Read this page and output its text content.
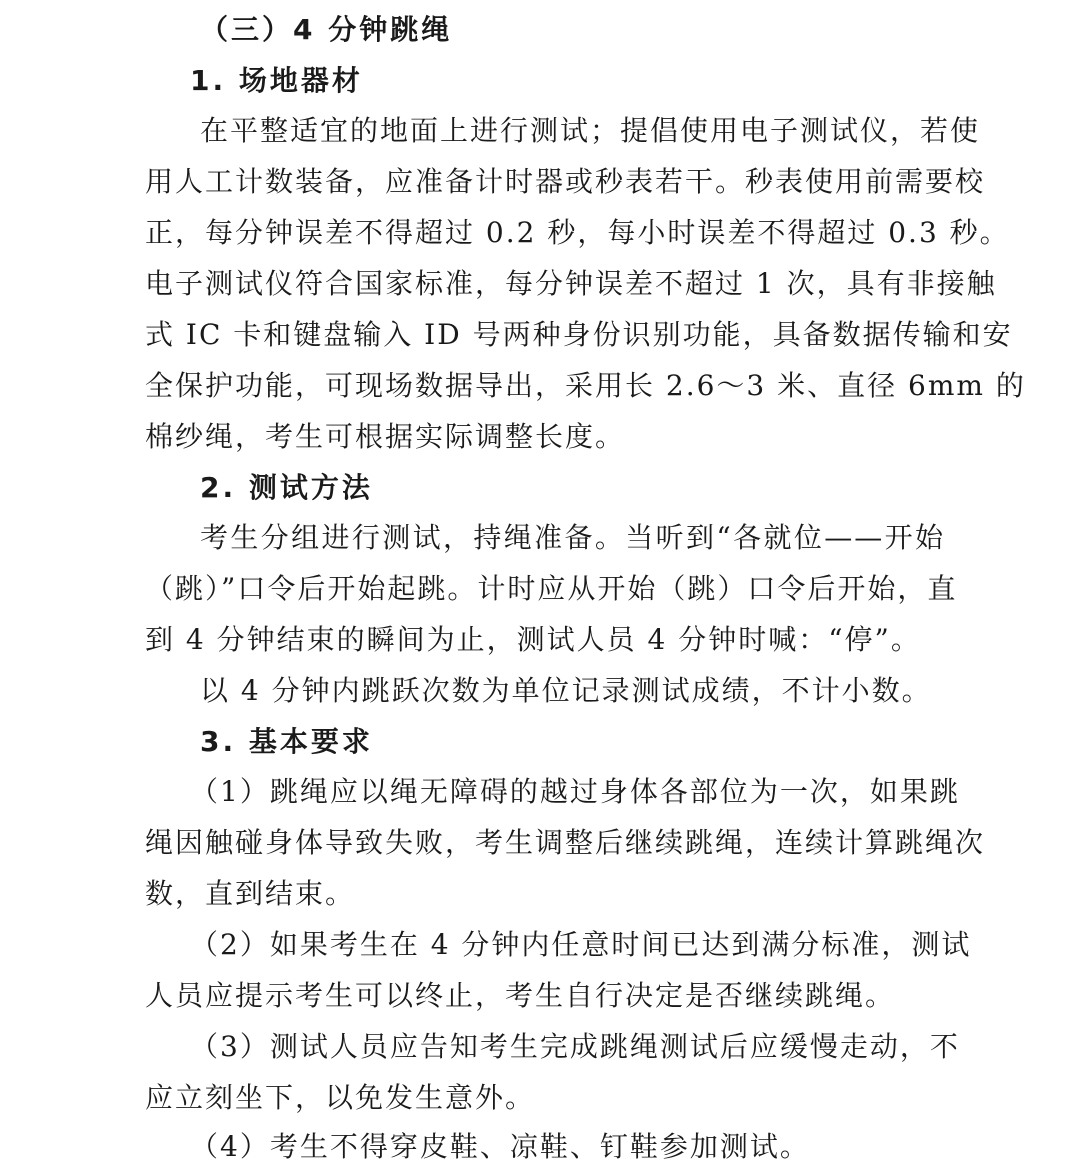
（三）4 分钟跳绳
1. 场地器材
在平整适宜的地面上进行测试；提倡使用电子测试仪，若使
用人工计数装备，应准备计时器或秒表若干。秒表使用前需要校
正，每分钟误差不得超过 0.2 秒，每小时误差不得超过 0.3 秒。
电子测试仪符合国家标准，每分钟误差不超过 1 次，具有非接触
式 IC 卡和键盘输入 ID 号两种身份识别功能，具备数据传输和安
全保护功能，可现场数据导出，采用长 2.6～3 米、直径 6mm 的
棉纱绳，考生可根据实际调整长度。
2. 测试方法
考生分组进行测试，持绳准备。当听到“各就位——开始
（跳）”口令后开始起跳。计时应从开始（跳）口令后开始，直
到 4 分钟结束的瞬间为止，测试人员 4 分钟时喊：“停”。
以 4 分钟内跳跃次数为单位记录测试成绩，不计小数。
3. 基本要求
（1）跳绳应以绳无障碍的越过身体各部位为一次，如果跳
绳因触碰身体导致失败，考生调整后继续跳绳，连续计算跳绳次
数，直到结束。
（2）如果考生在 4 分钟内任意时间已达到满分标准，测试
人员应提示考生可以终止，考生自行决定是否继续跳绳。
（3）测试人员应告知考生完成跳绳测试后应缓慢走动，不
应立刻坐下，以免发生意外。
（4）考生不得穿皮鞋、凉鞋、钉鞋参加测试。
